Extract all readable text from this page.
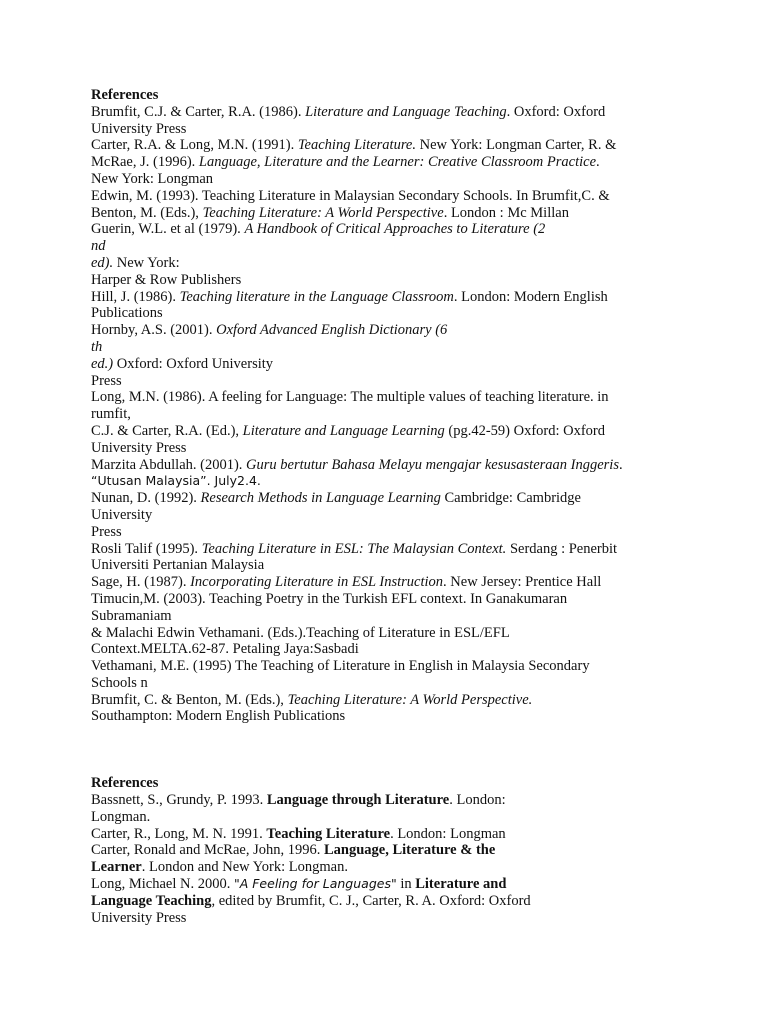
References
Brumfit, C.J. & Carter, R.A. (1986). Literature and Language Teaching. Oxford: Oxford
University Press
Carter, R.A. & Long, M.N. (1991). Teaching Literature. New York: Longman Carter, R. &
McRae, J. (1996). Language, Literature and the Learner: Creative Classroom Practice.
New York: Longman
Edwin, M. (1993). Teaching Literature in Malaysian Secondary Schools. In Brumfit,C. &
Benton, M. (Eds.), Teaching Literature: A World Perspective. London : Mc Millan
Guerin, W.L. et al (1979). A Handbook of Critical Approaches to Literature (2
nd
ed). New York:
Harper & Row Publishers
Hill, J. (1986). Teaching literature in the Language Classroom. London: Modern English
Publications
Hornby, A.S. (2001). Oxford Advanced English Dictionary (6
th
ed.) Oxford: Oxford University
Press
Long, M.N. (1986). A feeling for Language: The multiple values of teaching literature. in
rumfit,
C.J. & Carter, R.A. (Ed.), Literature and Language Learning (pg.42-59) Oxford: Oxford
University Press
Marzita Abdullah. (2001). Guru bertutur Bahasa Melayu mengajar kesusasteraan Inggeris.
“Utusan Malaysia”. July2.4.
Nunan, D. (1992). Research Methods in Language Learning Cambridge: Cambridge
University
Press
Rosli Talif (1995). Teaching Literature in ESL: The Malaysian Context. Serdang : Penerbit
Universiti Pertanian Malaysia
Sage, H. (1987). Incorporating Literature in ESL Instruction. New Jersey: Prentice Hall
Timucin,M. (2003). Teaching Poetry in the Turkish EFL context. In Ganakumaran
Subramaniam
& Malachi Edwin Vethamani. (Eds.).Teaching of Literature in ESL/EFL
Context.MELTA.62-87. Petaling Jaya:Sasbadi
Vethamani, M.E. (1995) The Teaching of Literature in English in Malaysia Secondary
Schools n
Brumfit, C. & Benton, M. (Eds.), Teaching Literature: A World Perspective.
Southampton: Modern English Publications
References
Bassnett, S., Grundy, P. 1993. Language through Literature. London:
Longman.
Carter, R., Long, M. N. 1991. Teaching Literature. London: Longman
Carter, Ronald and McRae, John, 1996. Language, Literature & the
Learner. London and New York: Longman.
Long, Michael N. 2000. "A Feeling for Languages" in Literature and
Language Teaching, edited by Brumfit, C. J., Carter, R. A. Oxford: Oxford
University Press
